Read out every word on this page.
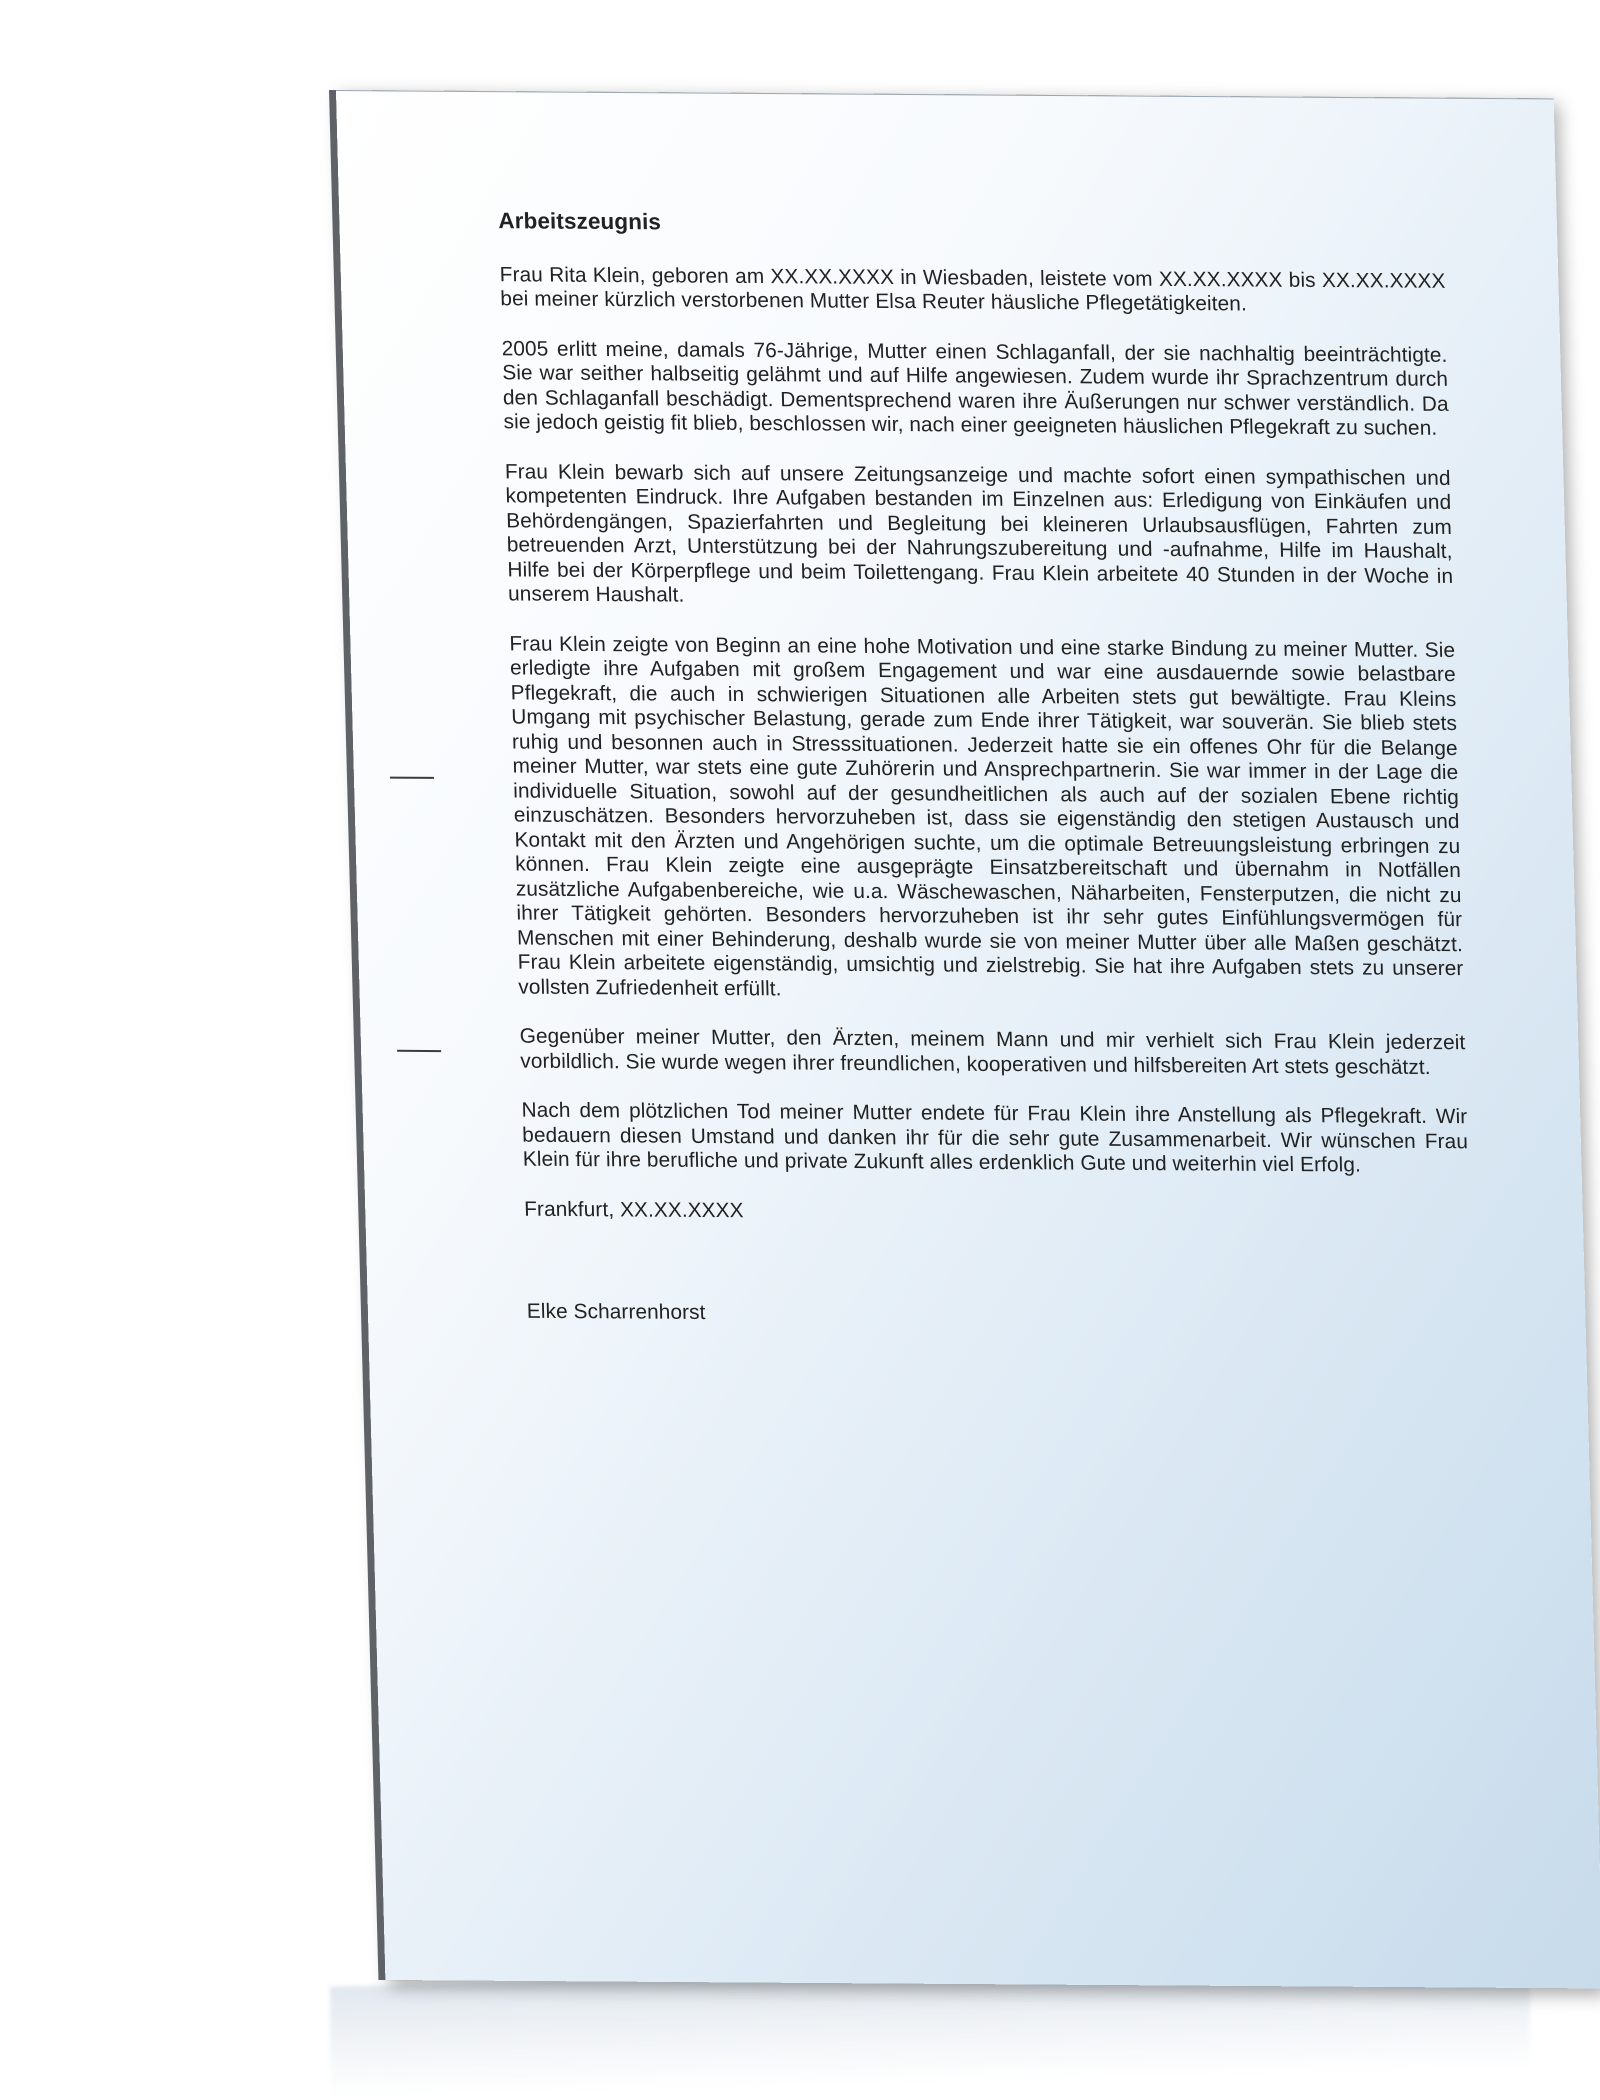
Arbeitszeugnis

Frau Rita Klein, geboren am XX.XX.XXXX in Wiesbaden, leistete vom XX.XX.XXXX bis XX.XX.XXXX bei meiner kürzlich verstorbenen Mutter Elsa Reuter häusliche Pflegetätigkeiten.

2005 erlitt meine, damals 76-Jährige, Mutter einen Schlaganfall, der sie nachhaltig beeinträchtigte. Sie war seither halbseitig gelähmt und auf Hilfe angewiesen. Zudem wurde ihr Sprachzentrum durch den Schlaganfall beschädigt. Dementsprechend waren ihre Äußerungen nur schwer verständlich. Da sie jedoch geistig fit blieb, beschlossen wir, nach einer geeigneten häuslichen Pflegekraft zu suchen.

Frau Klein bewarb sich auf unsere Zeitungsanzeige und machte sofort einen sympathischen und kompetenten Eindruck. Ihre Aufgaben bestanden im Einzelnen aus: Erledigung von Einkäufen und Behördengängen, Spazierfahrten und Begleitung bei kleineren Urlaubsausflügen, Fahrten zum betreuenden Arzt, Unterstützung bei der Nahrungszubereitung und -aufnahme, Hilfe im Haushalt, Hilfe bei der Körperpflege und beim Toilettengang. Frau Klein arbeitete 40 Stunden in der Woche in unserem Haushalt.

Frau Klein zeigte von Beginn an eine hohe Motivation und eine starke Bindung zu meiner Mutter. Sie erledigte ihre Aufgaben mit großem Engagement und war eine ausdauernde sowie belastbare Pflegekraft, die auch in schwierigen Situationen alle Arbeiten stets gut bewältigte. Frau Kleins Umgang mit psychischer Belastung, gerade zum Ende ihrer Tätigkeit, war souverän. Sie blieb stets ruhig und besonnen auch in Stresssituationen. Jederzeit hatte sie ein offenes Ohr für die Belange meiner Mutter, war stets eine gute Zuhörerin und Ansprechpartnerin. Sie war immer in der Lage die individuelle Situation, sowohl auf der gesundheitlichen als auch auf der sozialen Ebene richtig einzuschätzen. Besonders hervorzuheben ist, dass sie eigenständig den stetigen Austausch und Kontakt mit den Ärzten und Angehörigen suchte, um die optimale Betreuungsleistung erbringen zu können. Frau Klein zeigte eine ausgeprägte Einsatzbereitschaft und übernahm in Notfällen zusätzliche Aufgabenbereiche, wie u.a. Wäschewaschen, Näharbeiten, Fensterputzen, die nicht zu ihrer Tätigkeit gehörten. Besonders hervorzuheben ist ihr sehr gutes Einfühlungsvermögen für Menschen mit einer Behinderung, deshalb wurde sie von meiner Mutter über alle Maßen geschätzt. Frau Klein arbeitete eigenständig, umsichtig und zielstrebig. Sie hat ihre Aufgaben stets zu unserer vollsten Zufriedenheit erfüllt.

Gegenüber meiner Mutter, den Ärzten, meinem Mann und mir verhielt sich Frau Klein jederzeit vorbildlich. Sie wurde wegen ihrer freundlichen, kooperativen und hilfsbereiten Art stets geschätzt.

Nach dem plötzlichen Tod meiner Mutter endete für Frau Klein ihre Anstellung als Pflegekraft. Wir bedauern diesen Umstand und danken ihr für die sehr gute Zusammenarbeit. Wir wünschen Frau Klein für ihre berufliche und private Zukunft alles erdenklich Gute und weiterhin viel Erfolg.

Frankfurt, XX.XX.XXXX
Elke Scharrenhorst
